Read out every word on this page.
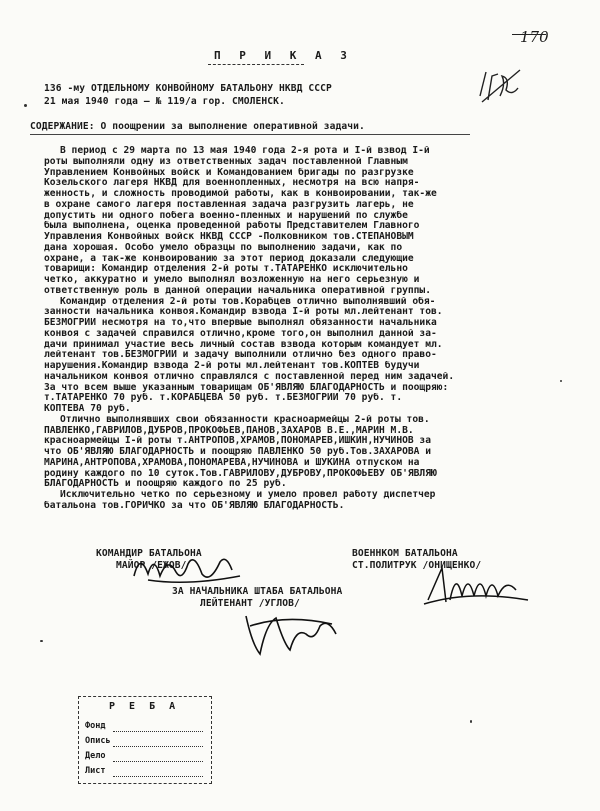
170
П Р И К А З
136 -му ОТДЕЛЬНОМУ КОНВОЙНОМУ БАТАЛЬОНУ НКВД СССР
21 мая 1940 года — № 119/а гор. СМОЛЕНСК.
СОДЕРЖАНИЕ: О поощрении за выполнение оперативной задачи.
В период с 29 марта по 13 мая 1940 года 2-я рота и I-й взвод I-й
роты выполняли одну из ответственных задач поставленной Главным
Управлением Конвойных войск и Командованием бригады по разгрузке
Козельского лагеря НКВД для военнопленных, несмотря на всю напря-
женность, и сложность проводимой работы, как в конвоировании, так-же
в охране самого лагеря поставленная задача разгрузить лагерь, не
допустить ни одного побега военно-пленных и нарушений по службе
была выполнена, оценка проведенной работы Представителем Главного
Управления Конвойных войск НКВД СССР -Полковником тов.СТЕПАНОВЫМ
дана хорошая. Особо умело образцы по выполнению задачи, как по
охране, а так-же конвоированию за этот период доказали следующие
товарищи: Командир отделения 2-й роты т.ТАТАРЕНКО исключительно
четко, аккуратно и умело выполнял возложенную на него серьезную и
ответственную роль в данной операции начальника оперативной группы.
Командир отделения 2-й роты тов.Корабцев отлично выполнявший обя-
занности начальника конвоя.Командир взвода I-й роты мл.лейтенант тов.
БЕЗМОГРИЙ несмотря на то,что впервые выполнял обязанности начальника
конвоя с задачей справился отлично,кроме того,он выполнил данной за-
дачи принимал участие весь личный состав взвода которым командует мл.
лейтенант тов.БЕЗМОГРИЙ и задачу выполнили отлично без одного право-
нарушения.Командир взвода 2-й роты мл.лейтенант тов.КОПТЕВ будучи
начальником конвоя отлично справлялся с поставленной перед ним задачей.
За что всем выше указанным товарищам ОБ'ЯВЛЯЮ БЛАГОДАРНОСТЬ и поощряю:
т.ТАТАРЕНКО 70 руб. т.КОРАБЦЕВА 50 руб. т.БЕЗМОГРИЙ 70 руб. т.
КОПТЕВА 70 руб.
Отлично выполнявших свои обязанности красноармейцы 2-й роты тов.
ПАВЛЕНКО,ГАВРИЛОВ,ДУБРОВ,ПРОКОФЬЕВ,ПАНОВ,ЗАХАРОВ В.Е.,МАРИН М.В.
красноармейцы I-й роты т.АНТРОПОВ,ХРАМОВ,ПОНОМАРЕВ,ИШКИН,НУЧИНОВ за
что ОБ'ЯВЛЯЮ БЛАГОДАРНОСТЬ и поощряю ПАВЛЕНКО 50 руб.Тов.ЗАХАРОВА и
МАРИНА,АНТРОПОВА,ХРАМОВА,ПОНОМАРЕВА,НУЧИНОВА и ШУКИНА отпуском на
родину каждого по 10 суток.Тов.ГАВРИЛОВУ,ДУБРОВУ,ПРОКОФЬЕВУ ОБ'ЯВЛЯЮ
БЛАГОДАРНОСТЬ и поощряю каждого по 25 руб.
Исключительно четко по серьезному и умело провел работу диспетчер
батальона тов.ГОРИЧКО за что ОБ'ЯВЛЯЮ БЛАГОДАРНОСТЬ.
КОМАНДИР БАТАЛЬОНА
МАЙОР /ЕЖОВ/
ВОЕННКОМ БАТАЛЬОНА
СТ.ПОЛИТРУК /ОНИЩЕНКО/
ЗА НАЧАЛЬНИКА ШТАБА БАТАЛЬОНА
ЛЕЙТЕНАНТ /УГЛОВ/
Р Е Б А
Фонд
Опись
Дело
Лист
